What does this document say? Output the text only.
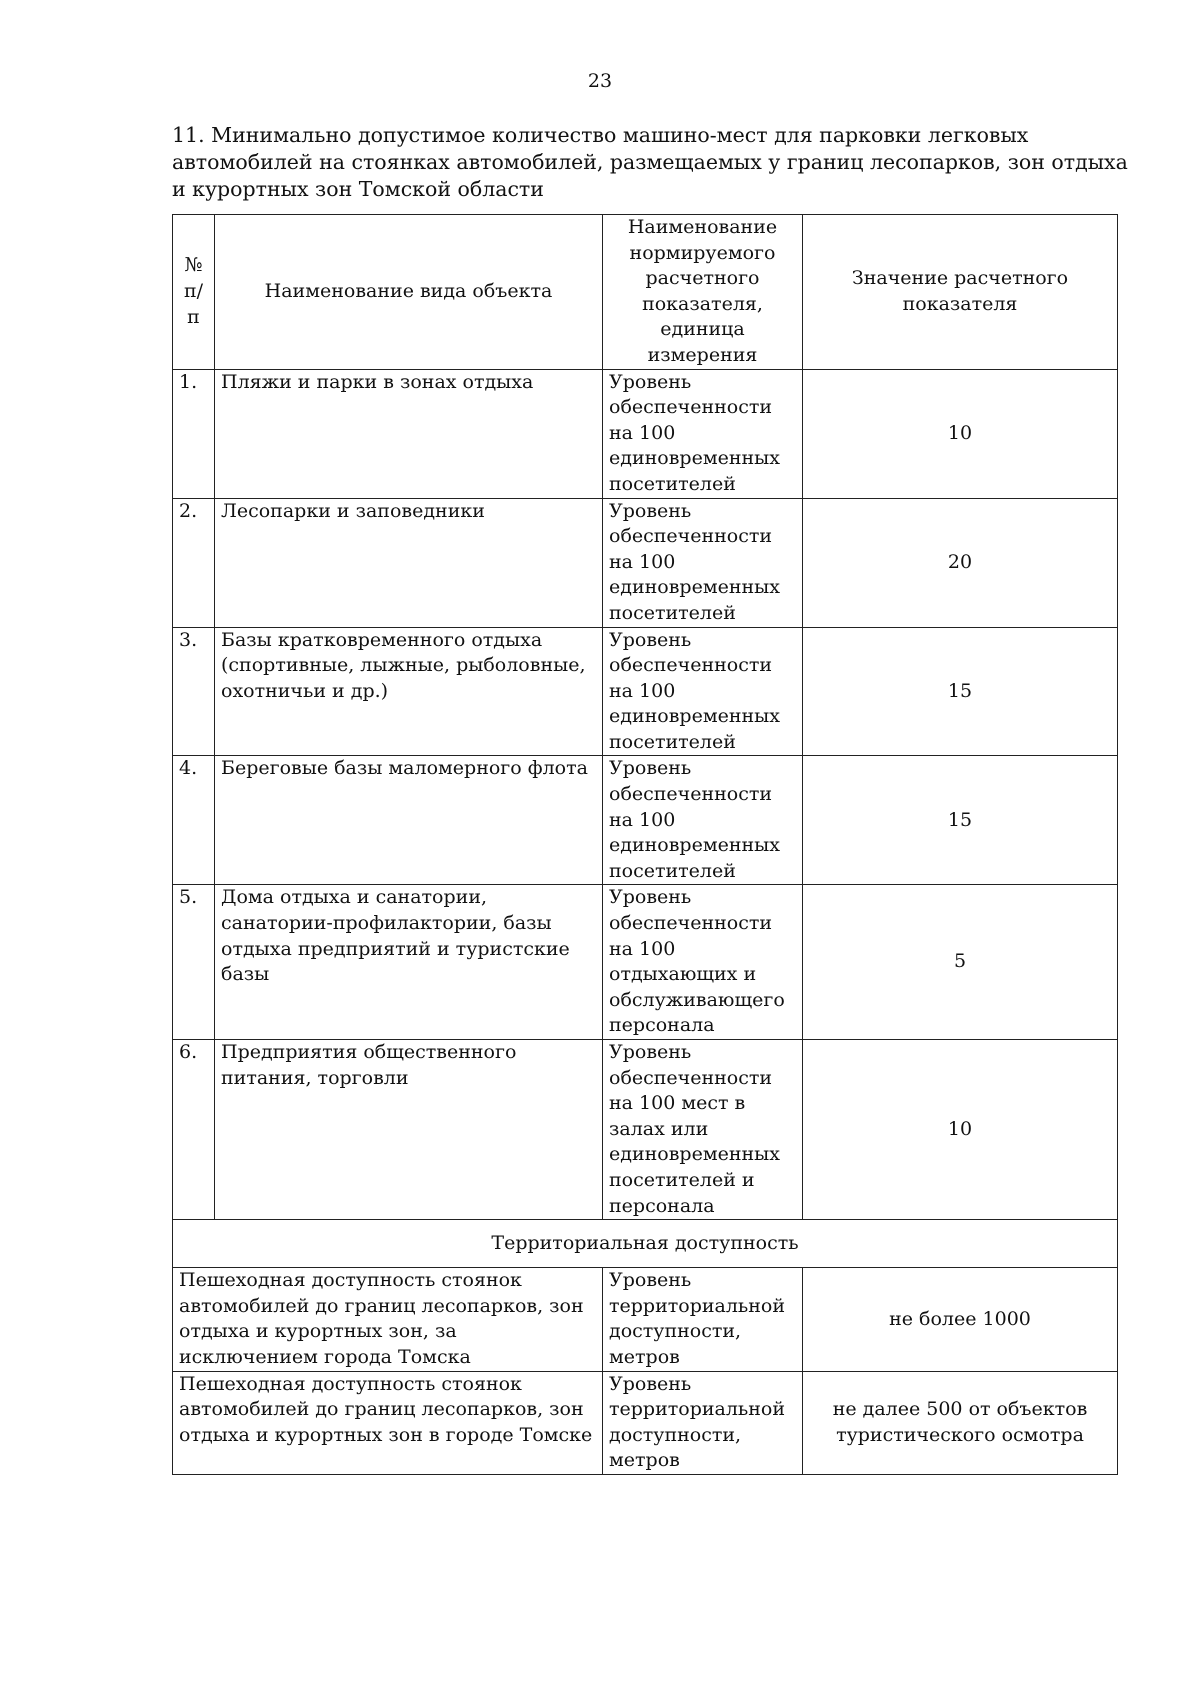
23
11. Минимально допустимое количество машино-мест для парковки легковых автомобилей на стоянках автомобилей, размещаемых у границ лесопарков, зон отдыха и курортных зон Томской области
№ п/п	Наименование вида объекта	Наименование нормируемого расчетного показателя, единица измерения	Значение расчетного показателя
1.	Пляжи и парки в зонах отдыха	Уровень обеспеченности на 100 единовременных посетителей	10
2.	Лесопарки и заповедники	Уровень обеспеченности на 100 единовременных посетителей	20
3.	Базы кратковременного отдыха (спортивные, лыжные, рыболовные, охотничьи и др.)	Уровень обеспеченности на 100 единовременных посетителей	15
4.	Береговые базы маломерного флота	Уровень обеспеченности на 100 единовременных посетителей	15
5.	Дома отдыха и санатории, санатории-профилактории, базы отдыха предприятий и туристские базы	Уровень обеспеченности на 100 отдыхающих и обслуживающего персонала	5
6.	Предприятия общественного питания, торговли	Уровень обеспеченности на 100 мест в залах или единовременных посетителей и персонала	10
Территориальная доступность			
Пешеходная доступность стоянок автомобилей до границ лесопарков, зон отдыха и курортных зон, за исключением города Томска		Уровень территориальной доступности, метров	не более 1000
Пешеходная доступность стоянок автомобилей до границ лесопарков, зон отдыха и курортных зон в городе Томске		Уровень территориальной доступности, метров	не далее 500 от объектов туристического осмотра
